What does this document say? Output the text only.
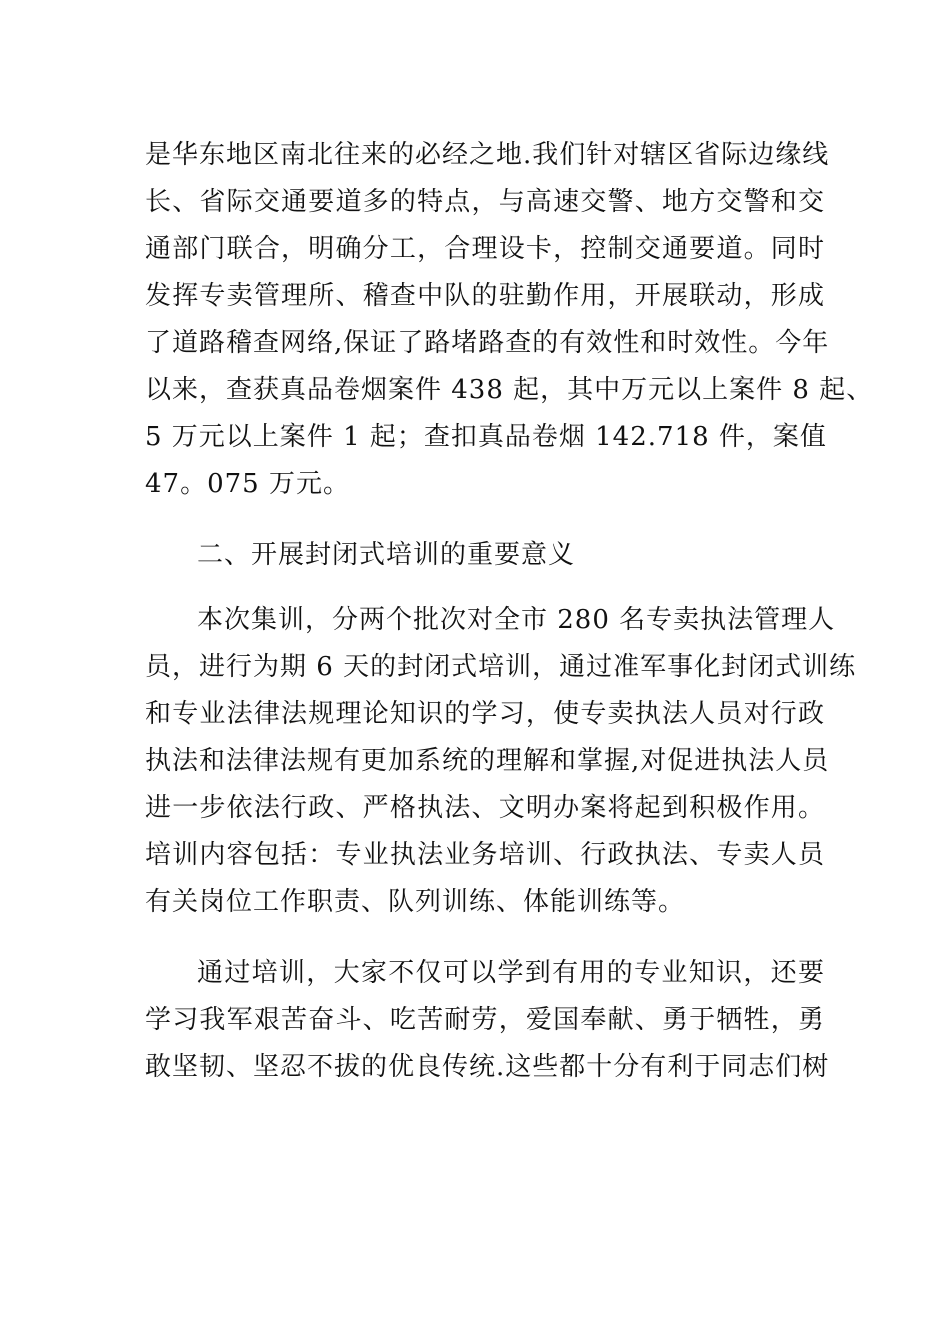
是华东地区南北往来的必经之地.我们针对辖区省际边缘线
长、省际交通要道多的特点，与高速交警、地方交警和交
通部门联合，明确分工，合理设卡，控制交通要道。同时
发挥专卖管理所、稽查中队的驻勤作用，开展联动，形成
了道路稽查网络,保证了路堵路查的有效性和时效性。今年
以来，查获真品卷烟案件 438 起，其中万元以上案件 8 起、
5 万元以上案件 1 起；查扣真品卷烟 142.718 件，案值
47。075 万元。
二、开展封闭式培训的重要意义
本次集训，分两个批次对全市 280 名专卖执法管理人
员，进行为期 6 天的封闭式培训，通过准军事化封闭式训练
和专业法律法规理论知识的学习，使专卖执法人员对行政
执法和法律法规有更加系统的理解和掌握,对促进执法人员
进一步依法行政、严格执法、文明办案将起到积极作用。
培训内容包括：专业执法业务培训、行政执法、专卖人员
有关岗位工作职责、队列训练、体能训练等。
通过培训，大家不仅可以学到有用的专业知识，还要
学习我军艰苦奋斗、吃苦耐劳，爱国奉献、勇于牺牲，勇
敢坚韧、坚忍不拔的优良传统.这些都十分有利于同志们树
